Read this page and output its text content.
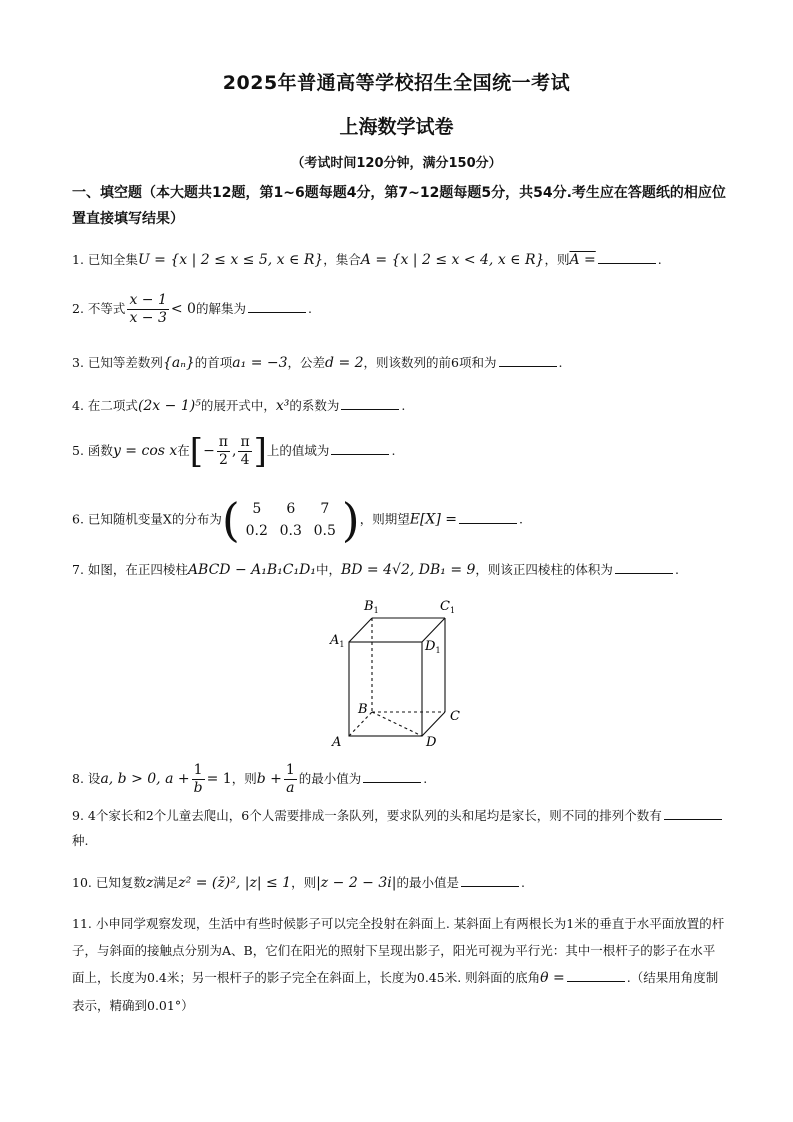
2025年普通高等学校招生全国统一考试
上海数学试卷
（考试时间120分钟，满分150分）
一、填空题（本大题共12题，第1~6题每题4分，第7~12题每题5分，共54分.考生应在答题纸的相应位置直接填写结果）
1. 已知全集U = {x | 2 ≤ x ≤ 5, x ∈ R}，集合A = {x | 2 ≤ x < 4, x ∈ R}，则A =	.
2. 不等式 $\frac{x - 1}{x - 3} < 0$的解集为	.
3. 已知等差数列{aₙ}的首项a₁ = −3，公差d = 2，则该数列的前6项和为	.
4. 在二项式(2x − 1)⁵的展开式中，x³的系数为	.
5. 函数y = cos x在[− $\frac{\pi}{2}$ , $\frac{\pi}{4}$ ]上的值域为	.
6. 已知随机变量X的分布为( 5 6 7
0.2 0.3 0.5 )，则期望E[X] =	.
7. 如图，在正四棱柱ABCD − A₁B₁C₁D₁中，BD = 4√2, DB₁ = 9，则该正四棱柱的体积为	.
$B_1$	$C_1$
$A_1$	$D_1$
B	C
A	D
8. 设a, b > 0, $a + \frac{1}{b} = 1$，则$b + \frac{1}{a}$ 的最小值为	.
9. 4个家长和2个儿童去爬山，6个人需要排成一条队列，要求队列的头和尾均是家长，则不同的排列个数有种.
10. 已知复数z满足z² = (z̄)², |z| ≤ 1，则|z − 2 − 3i|的最小值是	.
11. 小申同学观察发现，生活中有些时候影子可以完全投射在斜面上. 某斜面上有两根长为1米的垂直于水平面放置的杆子，与斜面的接触点分别为A、B，它们在阳光的照射下呈现出影子，阳光可视为平行光：其中一根杆子的影子在水平面上，长度为0.4米；另一根杆子的影子完全在斜面上，长度为0.45米. 则斜面的底角θ =	.（结果用角度制表示，精确到0.01°）
